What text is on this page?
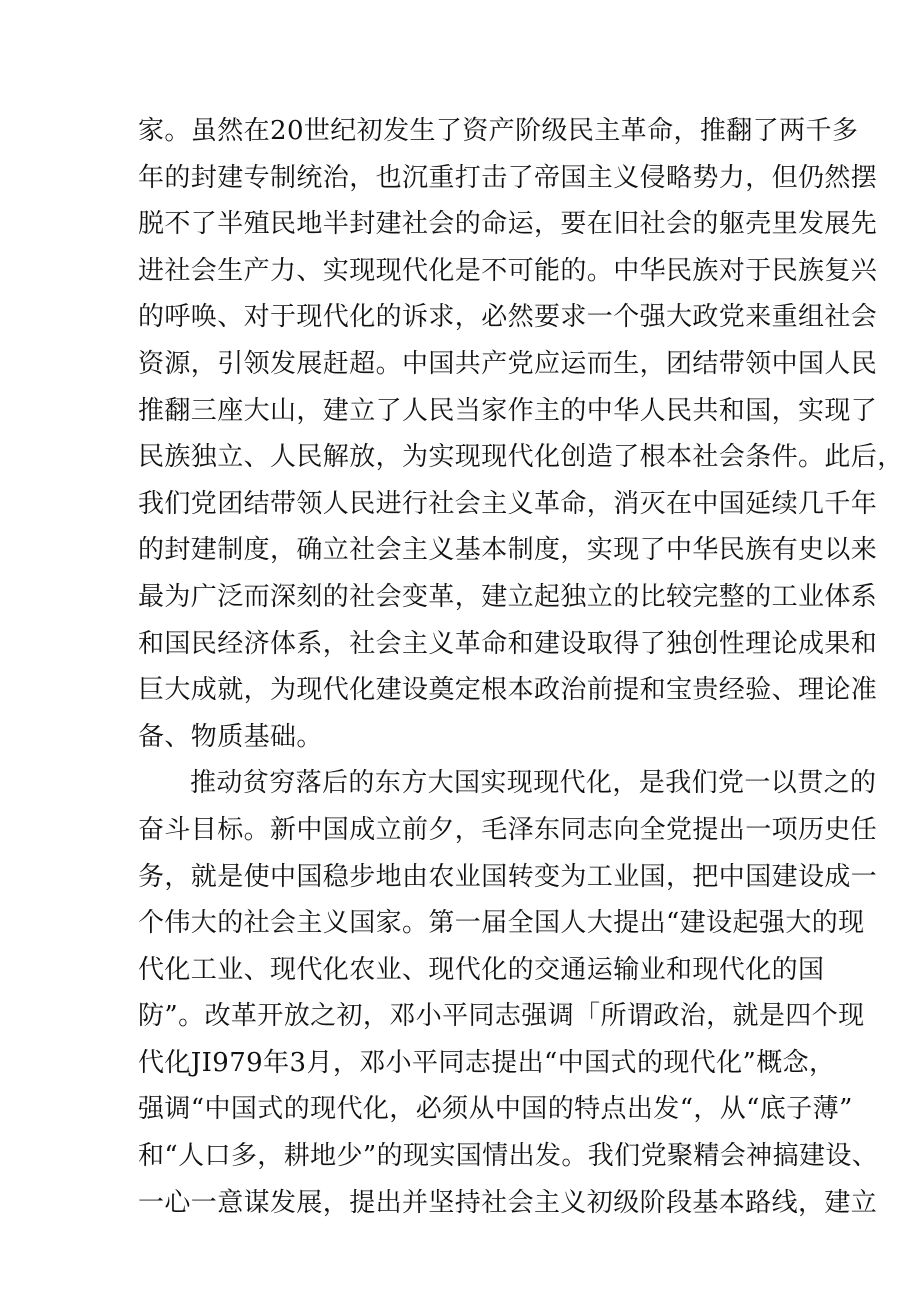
家。虽然在20世纪初发生了资产阶级民主革命，推翻了两千多
年的封建专制统治，也沉重打击了帝国主义侵略势力，但仍然摆
脱不了半殖民地半封建社会的命运，要在旧社会的躯壳里发展先
进社会生产力、实现现代化是不可能的。中华民族对于民族复兴
的呼唤、对于现代化的诉求，必然要求一个强大政党来重组社会
资源，引领发展赶超。中国共产党应运而生，团结带领中国人民
推翻三座大山，建立了人民当家作主的中华人民共和国，实现了
民族独立、人民解放，为实现现代化创造了根本社会条件。此后，
我们党团结带领人民进行社会主义革命，消灭在中国延续几千年
的封建制度，确立社会主义基本制度，实现了中华民族有史以来
最为广泛而深刻的社会变革，建立起独立的比较完整的工业体系
和国民经济体系，社会主义革命和建设取得了独创性理论成果和
巨大成就，为现代化建设奠定根本政治前提和宝贵经验、理论准
备、物质基础。
推动贫穷落后的东方大国实现现代化，是我们党一以贯之的
奋斗目标。新中国成立前夕，毛泽东同志向全党提出一项历史任
务，就是使中国稳步地由农业国转变为工业国，把中国建设成一
个伟大的社会主义国家。第一届全国人大提出“建设起强大的现
代化工业、现代化农业、现代化的交通运输业和现代化的国
防”。改革开放之初，邓小平同志强调「所谓政治，就是四个现
代化JI979年3月，邓小平同志提出“中国式的现代化”概念，
强调“中国式的现代化，必须从中国的特点出发“，从“底子薄”
和“人口多，耕地少”的现实国情出发。我们党聚精会神搞建设、
一心一意谋发展，提出并坚持社会主义初级阶段基本路线，建立
